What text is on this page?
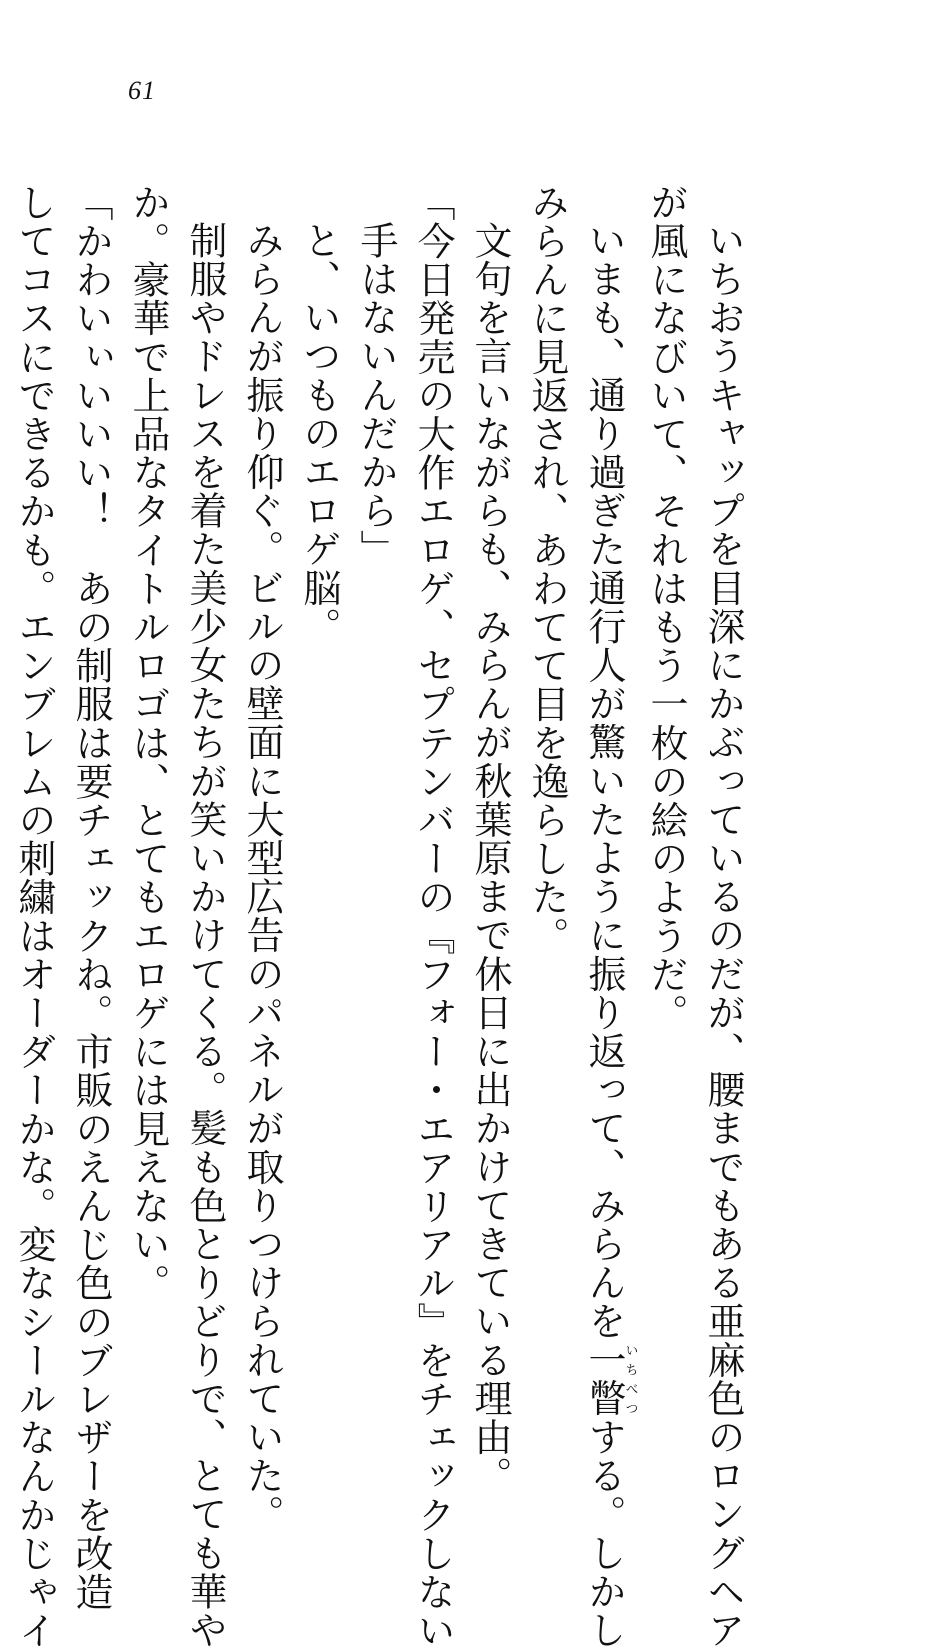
61

いちおうキャップを目深にかぶっているのだが、腰までもある亜麻色のロングヘア

が風になびいて、それはもう一枚の絵のようだ。

いまも、通り過ぎた通行人が驚いたように振り返って、みらんを一瞥いちべつする。しかし

みらんに見返され、あわてて目を逸らした。

文句を言いながらも、みらんが秋葉原まで休日に出かけてきている理由。

「今日発売の大作エロゲ、セプテンバーの『フォー・エアリアル』をチェックしない

手はないんだから」

と、いつものエロゲ脳。

みらんが振り仰ぐ。ビルの壁面に大型広告のパネルが取りつけられていた。

制服やドレスを着た美少女たちが笑いかけてくる。髪も色とりどりで、とても華や

か。豪華で上品なタイトルロゴは、とてもエロゲには見えない。

「かわいぃいいい！　あの制服は要チェックね。市販のえんじ色のブレザーを改造

してコスにできるかも。エンブレムの刺繍はオーダーかな。変なシールなんかじゃイ
